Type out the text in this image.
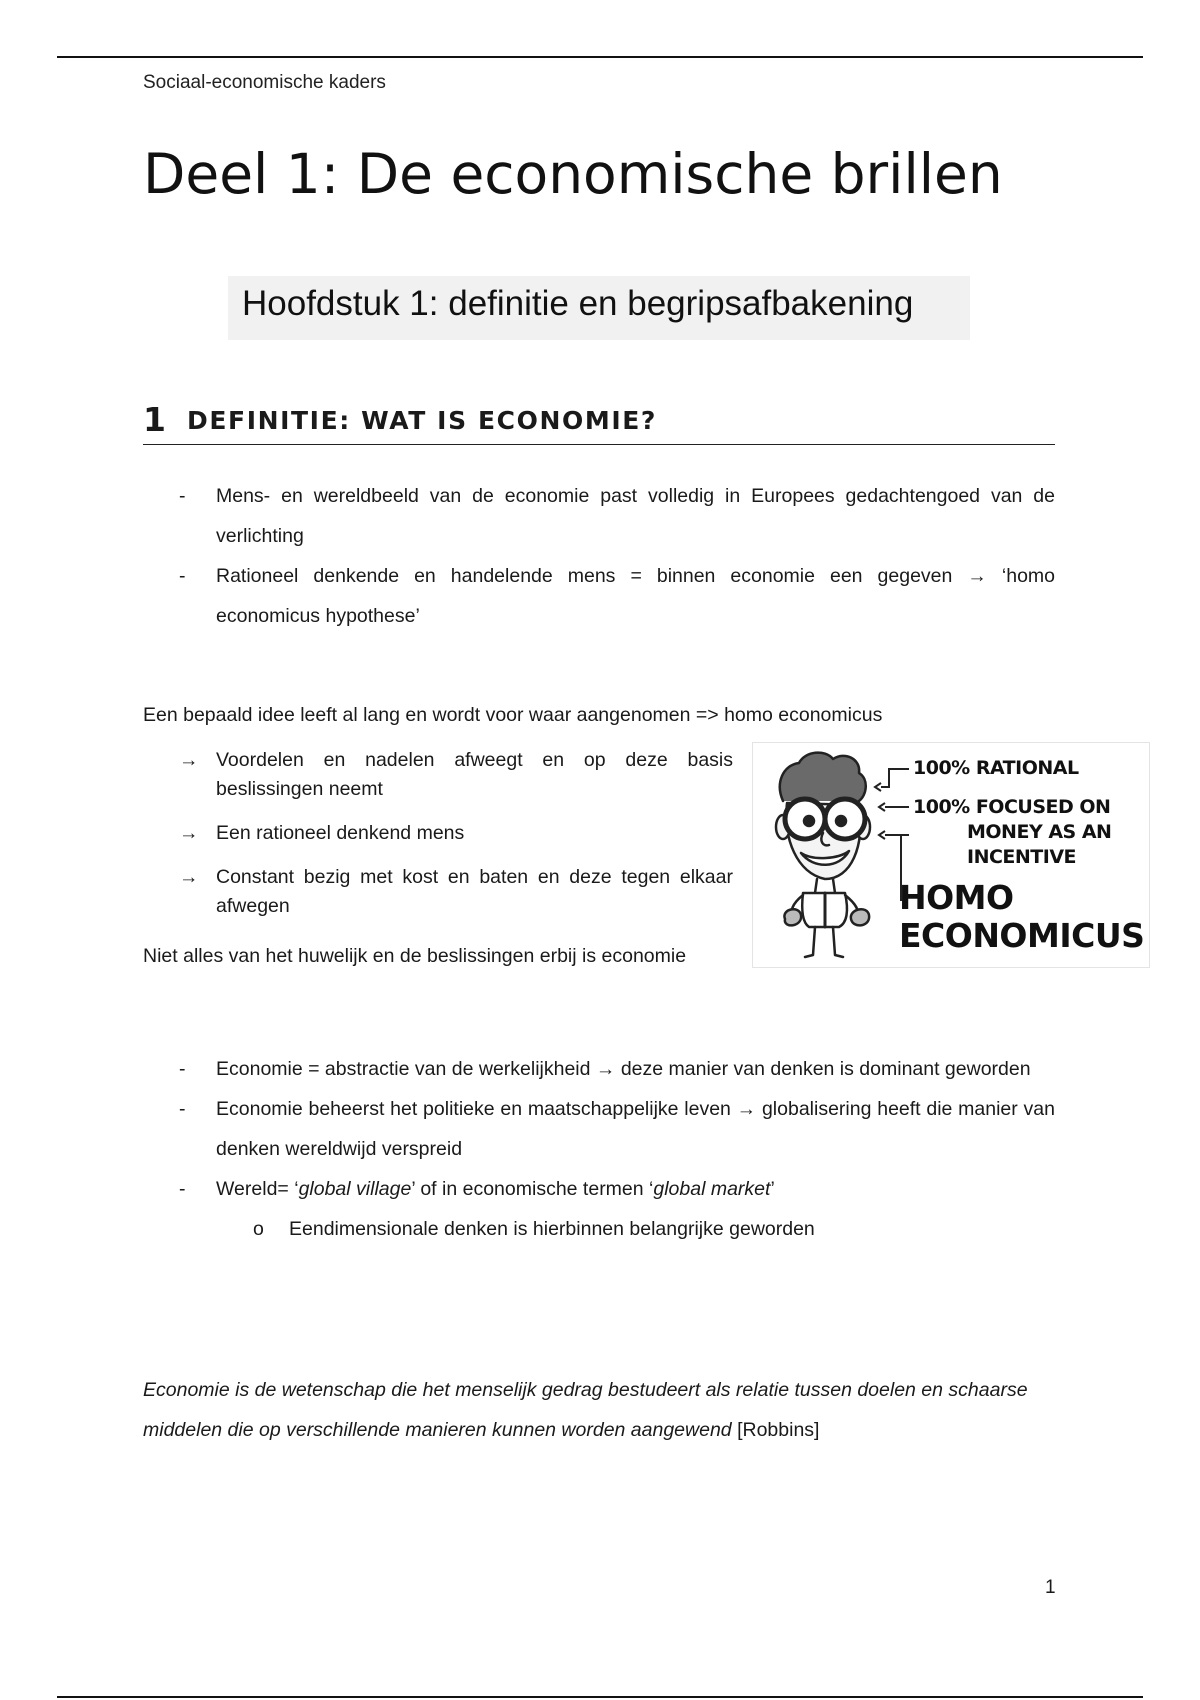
Sociaal-economische kaders
Deel 1: De economische brillen
Hoofdstuk 1: definitie en begripsafbakening
1 DEFINITIE: WAT IS ECONOMIE?
- Mens- en wereldbeeld van de economie past volledig in Europees gedachtengoed van de verlichting
- Rationeel denkende en handelende mens = binnen economie een gegeven → ‘homo economicus hypothese’
Een bepaald idee leeft al lang en wordt voor waar aangenomen => homo economicus
→ Voordelen en nadelen afweegt en op deze basis beslissingen neemt
→ Een rationeel denkend mens
→ Constant bezig met kost en baten en deze tegen elkaar afwegen
Niet alles van het huwelijk en de beslissingen erbij is economie
100% RATIONAL
100% FOCUSED ON
MONEY AS AN
INCENTIVE
HOMO
ECONOMICUS
- Economie = abstractie van de werkelijkheid → deze manier van denken is dominant geworden
- Economie beheerst het politieke en maatschappelijke leven → globalisering heeft die manier van denken wereldwijd verspreid
- Wereld= ‘global village’ of in economische termen ‘global market’
o Eendimensionale denken is hierbinnen belangrijke geworden
Economie is de wetenschap die het menselijk gedrag bestudeert als relatie tussen doelen en schaarse middelen die op verschillende manieren kunnen worden aangewend [Robbins]
1
